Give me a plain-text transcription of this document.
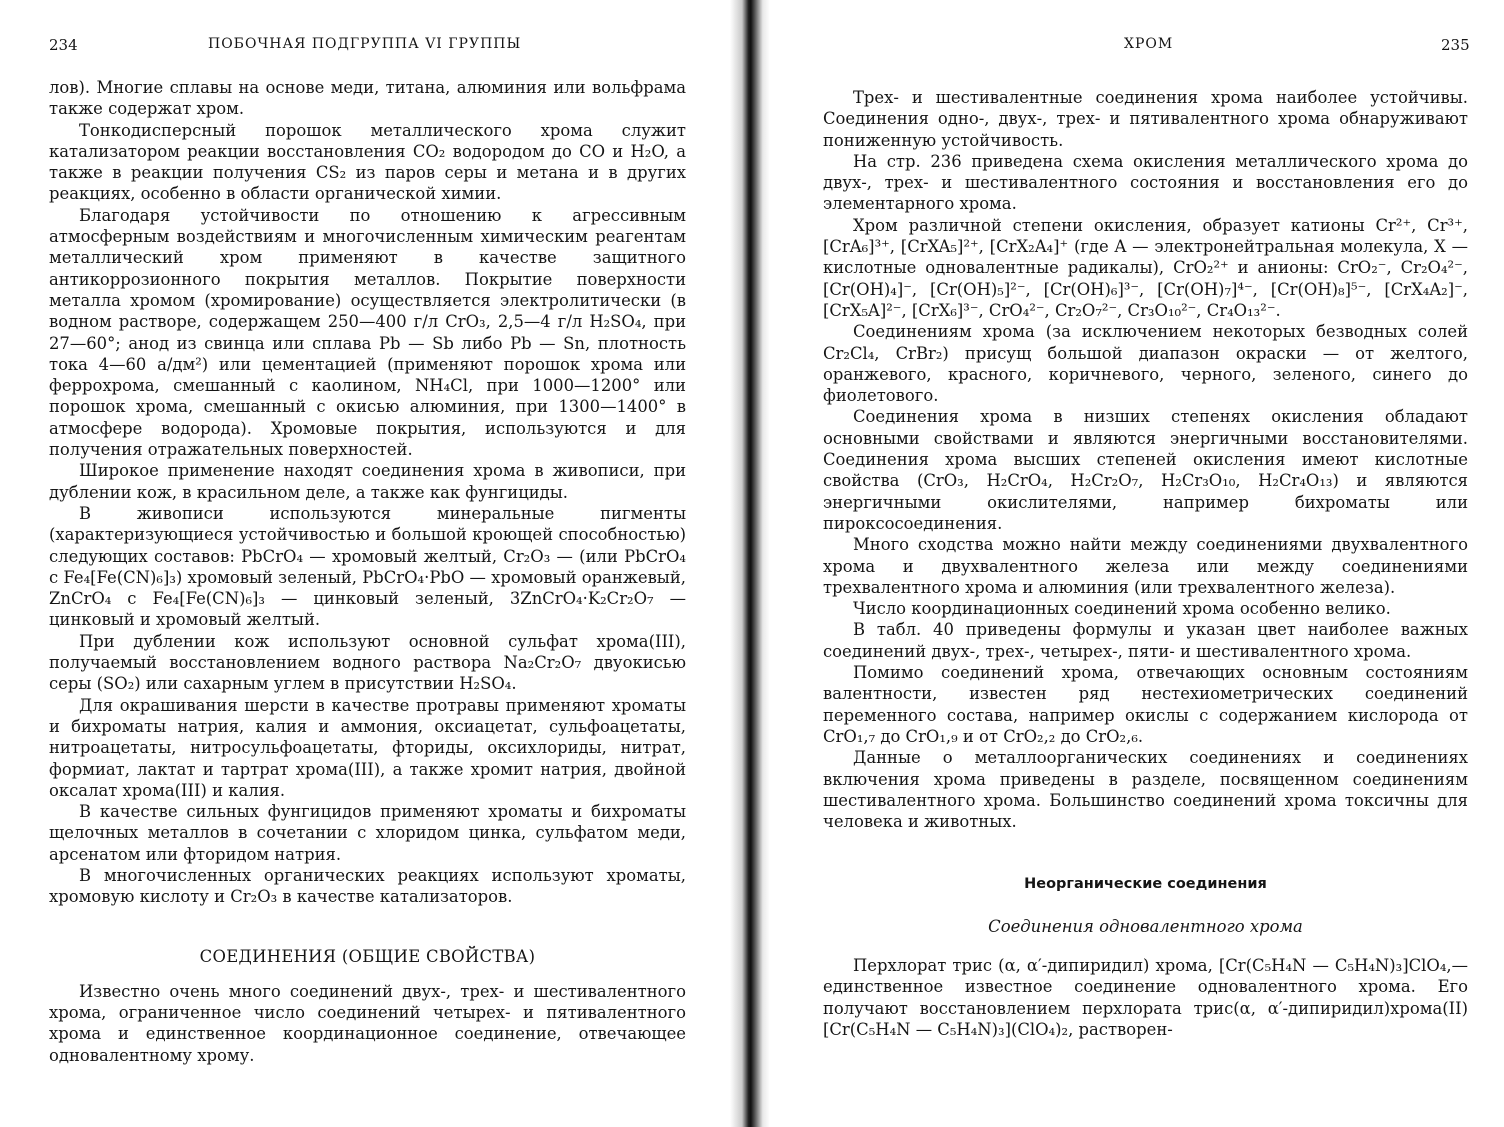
234	ПОБОЧНАЯ ПОДГРУППА VI ГРУППЫ

лов). Многие сплавы на основе меди, титана, алюминия или вольфрама также содержат хром.

Тонкодисперсный порошок металлического хрома служит катализатором реакции восстановления CO₂ водородом до CO и H₂O, а также в реакции получения CS₂ из паров серы и метана и в других реакциях, особенно в области органической химии.

Благодаря устойчивости по отношению к агрессивным атмосферным воздействиям и многочисленным химическим реагентам металлический хром применяют в качестве защитного антикоррозионного покрытия металлов. Покрытие поверхности металла хромом (хромирование) осуществляется электролитически (в водном растворе, содержащем 250—400 г/л CrO₃, 2,5—4 г/л H₂SO₄, при 27—60°; анод из свинца или сплава Pb — Sb либо Pb — Sn, плотность тока 4—60 а/дм²) или цементацией (применяют порошок хрома или феррохрома, смешанный с каолином, NH₄Cl, при 1000—1200° или порошок хрома, смешанный с окисью алюминия, при 1300—1400° в атмосфере водорода). Хромовые покрытия, используются и для получения отражательных поверхностей.

Широкое применение находят соединения хрома в живописи, при дублении кож, в красильном деле, а также как фунгициды.

В живописи используются минеральные пигменты (характеризующиеся устойчивостью и большой кроющей способностью) следующих составов: PbCrO₄ — хромовый желтый, Cr₂O₃ — (или PbCrO₄ с Fe₄[Fe(CN)₆]₃) хромовый зеленый, PbCrO₄·PbO — хромовый оранжевый, ZnCrO₄ с Fe₄[Fe(CN)₆]₃ — цинковый зеленый, 3ZnCrO₄·K₂Cr₂O₇ — цинковый и хромовый желтый.

При дублении кож используют основной сульфат хрома(III), получаемый восстановлением водного раствора Na₂Cr₂O₇ двуокисью серы (SO₂) или сахарным углем в присутствии H₂SO₄.

Для окрашивания шерсти в качестве протравы применяют хроматы и бихроматы натрия, калия и аммония, оксиацетат, сульфоацетаты, нитроацетаты, нитросульфоацетаты, фториды, оксихлориды, нитрат, формиат, лактат и тартрат хрома(III), а также хромит натрия, двойной оксалат хрома(III) и калия.

В качестве сильных фунгицидов применяют хроматы и бихроматы щелочных металлов в сочетании с хлоридом цинка, сульфатом меди, арсенатом или фторидом натрия.

В многочисленных органических реакциях используют хроматы, хромовую кислоту и Cr₂O₃ в качестве катализаторов.

СОЕДИНЕНИЯ (ОБЩИЕ СВОЙСТВА)

Известно очень много соединений двух-, трех- и шестивалентного хрома, ограниченное число соединений четырех- и пятивалентного хрома и единственное координационное соединение, отвечающее одновалентному хрому.

ХРОМ	235

Трех- и шестивалентные соединения хрома наиболее устойчивы. Соединения одно-, двух-, трех- и пятивалентного хрома обнаруживают пониженную устойчивость.

На стр. 236 приведена схема окисления металлического хрома до двух-, трех- и шестивалентного состояния и восстановления его до элементарного хрома.

Хром различной степени окисления, образует катионы Cr²⁺, Cr³⁺, [CrA₆]³⁺, [CrXA₅]²⁺, [CrX₂A₄]⁺ (где A — электронейтральная молекула, X — кислотные одновалентные радикалы), CrO₂²⁺ и анионы: CrO₂⁻, Cr₂O₄²⁻, [Cr(OH)₄]⁻, [Cr(OH)₅]²⁻, [Cr(OH)₆]³⁻, [Cr(OH)₇]⁴⁻, [Cr(OH)₈]⁵⁻, [CrX₄A₂]⁻, [CrX₅A]²⁻, [CrX₆]³⁻, CrO₄²⁻, Cr₂O₇²⁻, Cr₃O₁₀²⁻, Cr₄O₁₃²⁻.

Соединениям хрома (за исключением некоторых безводных солей Cr₂Cl₄, CrBr₂) присущ большой диапазон окраски — от желтого, оранжевого, красного, коричневого, черного, зеленого, синего до фиолетового.

Соединения хрома в низших степенях окисления обладают основными свойствами и являются энергичными восстановителями. Соединения хрома высших степеней окисления имеют кислотные свойства (CrO₃, H₂CrO₄, H₂Cr₂O₇, H₂Cr₃O₁₀, H₂Cr₄O₁₃) и являются энергичными окислителями, например бихроматы или пироксосоединения.

Много сходства можно найти между соединениями двухвалентного хрома и двухвалентного железа или между соединениями трехвалентного хрома и алюминия (или трехвалентного железа).

Число координационных соединений хрома особенно велико.

В табл. 40 приведены формулы и указан цвет наиболее важных соединений двух-, трех-, четырех-, пяти- и шестивалентного хрома.

Помимо соединений хрома, отвечающих основным состояниям валентности, известен ряд нестехиометрических соединений переменного состава, например окислы с содержанием кислорода от CrO₁,₇ до CrO₁,₉ и от CrO₂,₂ до CrO₂,₆.

Данные о металлоорганических соединениях и соединениях включения хрома приведены в разделе, посвященном соединениям шестивалентного хрома. Большинство соединений хрома токсичны для человека и животных.

Неорганические соединения
Соединения одновалентного хрома

Перхлорат трис (α, α′-дипиридил) хрома, [Cr(C₅H₄N — C₅H₄N)₃]ClO₄,— единственное известное соединение одновалентного хрома. Его получают восстановлением перхлората трис(α, α′-дипиридил)хрома(II) [Cr(C₅H₄N — C₅H₄N)₃](ClO₄)₂, растворен-
